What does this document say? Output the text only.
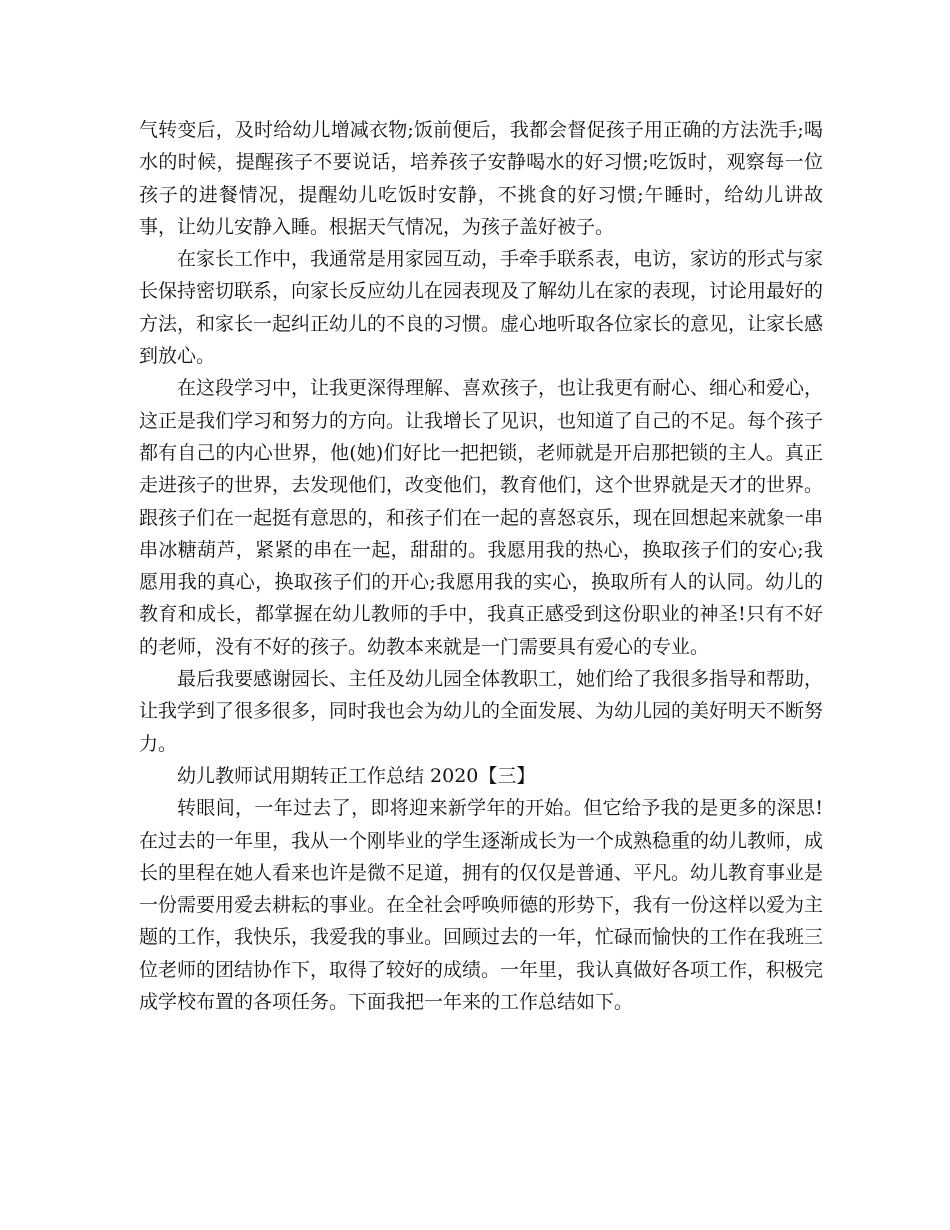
气转变后，及时给幼儿增减衣物;饭前便后，我都会督促孩子用正确的方法洗手;喝水的时候，提醒孩子不要说话，培养孩子安静喝水的好习惯;吃饭时，观察每一位孩子的进餐情况，提醒幼儿吃饭时安静，不挑食的好习惯;午睡时，给幼儿讲故事，让幼儿安静入睡。根据天气情况，为孩子盖好被子。

在家长工作中，我通常是用家园互动，手牵手联系表，电访，家访的形式与家长保持密切联系，向家长反应幼儿在园表现及了解幼儿在家的表现，讨论用最好的方法，和家长一起纠正幼儿的不良的习惯。虚心地听取各位家长的意见，让家长感到放心。

在这段学习中，让我更深得理解、喜欢孩子，也让我更有耐心、细心和爱心，这正是我们学习和努力的方向。让我增长了见识，也知道了自己的不足。每个孩子都有自己的内心世界，他(她)们好比一把把锁，老师就是开启那把锁的主人。真正走进孩子的世界，去发现他们，改变他们，教育他们，这个世界就是天才的世界。跟孩子们在一起挺有意思的，和孩子们在一起的喜怒哀乐，现在回想起来就象一串串冰糖葫芦，紧紧的串在一起，甜甜的。我愿用我的热心，换取孩子们的安心;我愿用我的真心，换取孩子们的开心;我愿用我的实心，换取所有人的认同。幼儿的教育和成长，都掌握在幼儿教师的手中，我真正感受到这份职业的神圣!只有不好的老师，没有不好的孩子。幼教本来就是一门需要具有爱心的专业。

最后我要感谢园长、主任及幼儿园全体教职工，她们给了我很多指导和帮助，让我学到了很多很多，同时我也会为幼儿的全面发展、为幼儿园的美好明天不断努力。

幼儿教师试用期转正工作总结 2020【三】

转眼间，一年过去了，即将迎来新学年的开始。但它给予我的是更多的深思!在过去的一年里，我从一个刚毕业的学生逐渐成长为一个成熟稳重的幼儿教师，成长的里程在她人看来也许是微不足道，拥有的仅仅是普通、平凡。幼儿教育事业是一份需要用爱去耕耘的事业。在全社会呼唤师德的形势下，我有一份这样以爱为主题的工作，我快乐，我爱我的事业。回顾过去的一年，忙碌而愉快的工作在我班三位老师的团结协作下，取得了较好的成绩。一年里，我认真做好各项工作，积极完成学校布置的各项任务。下面我把一年来的工作总结如下。
